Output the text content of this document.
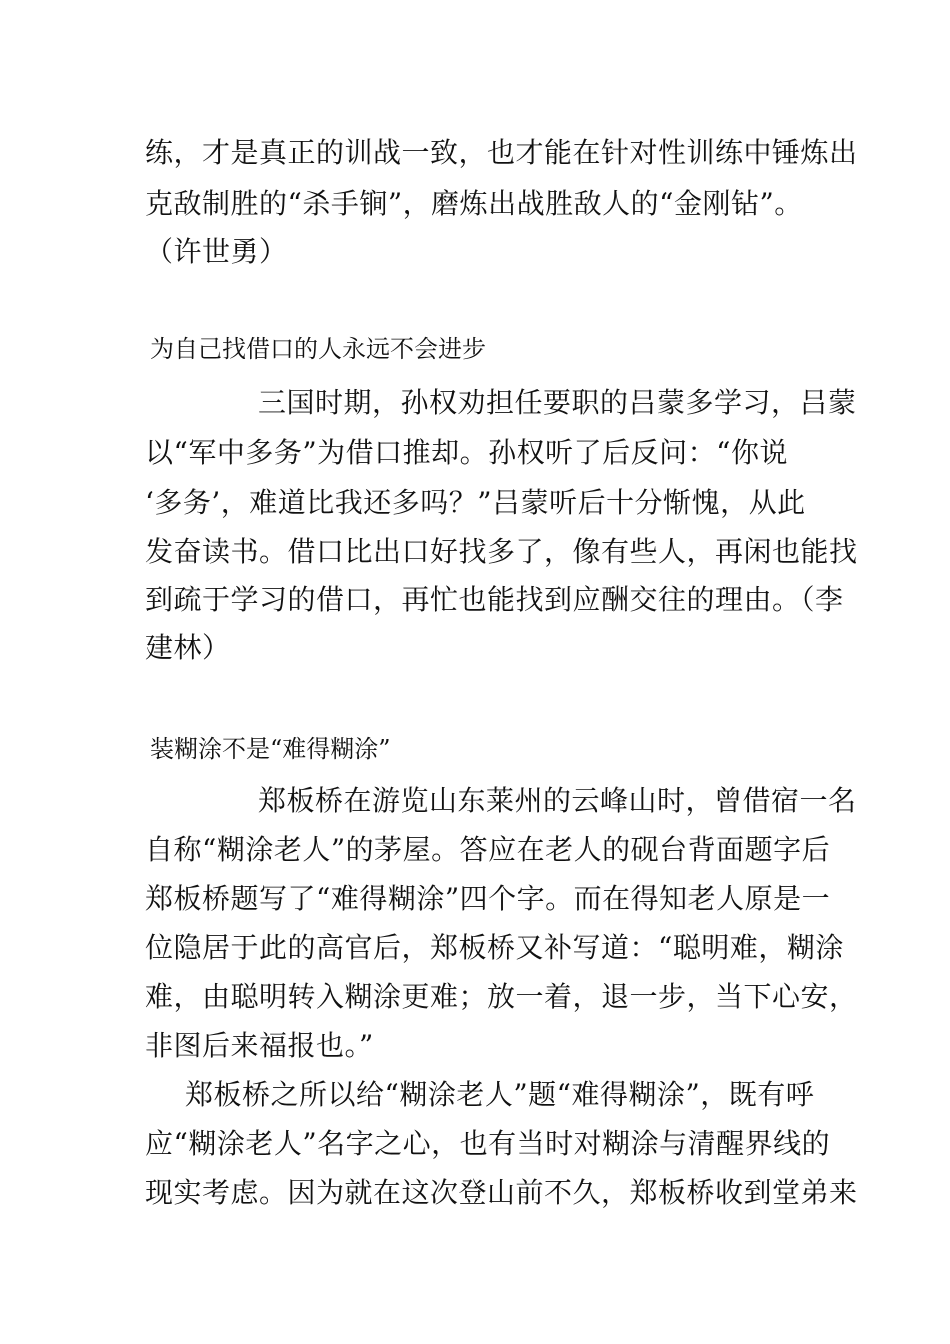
练，才是真正的训战一致，也才能在针对性训练中锤炼出
克敌制胜的“杀手锏”，磨炼出战胜敌人的“金刚钻”。
（许世勇）
为自己找借口的人永远不会进步
三国时期，孙权劝担任要职的吕蒙多学习，吕蒙
以“军中多务”为借口推却。孙权听了后反问：“你说
‘多务’，难道比我还多吗？”吕蒙听后十分惭愧，从此
发奋读书。借口比出口好找多了，像有些人，再闲也能找
到疏于学习的借口，再忙也能找到应酬交往的理由。（李
建林）
装糊涂不是“难得糊涂”
郑板桥在游览山东莱州的云峰山时，曾借宿一名
自称“糊涂老人”的茅屋。答应在老人的砚台背面题字后
郑板桥题写了“难得糊涂”四个字。而在得知老人原是一
位隐居于此的高官后，郑板桥又补写道：“聪明难，糊涂
难，由聪明转入糊涂更难；放一着，退一步，当下心安，
非图后来福报也。”
郑板桥之所以给“糊涂老人”题“难得糊涂”，既有呼
应“糊涂老人”名字之心，也有当时对糊涂与清醒界线的
现实考虑。因为就在这次登山前不久，郑板桥收到堂弟来
